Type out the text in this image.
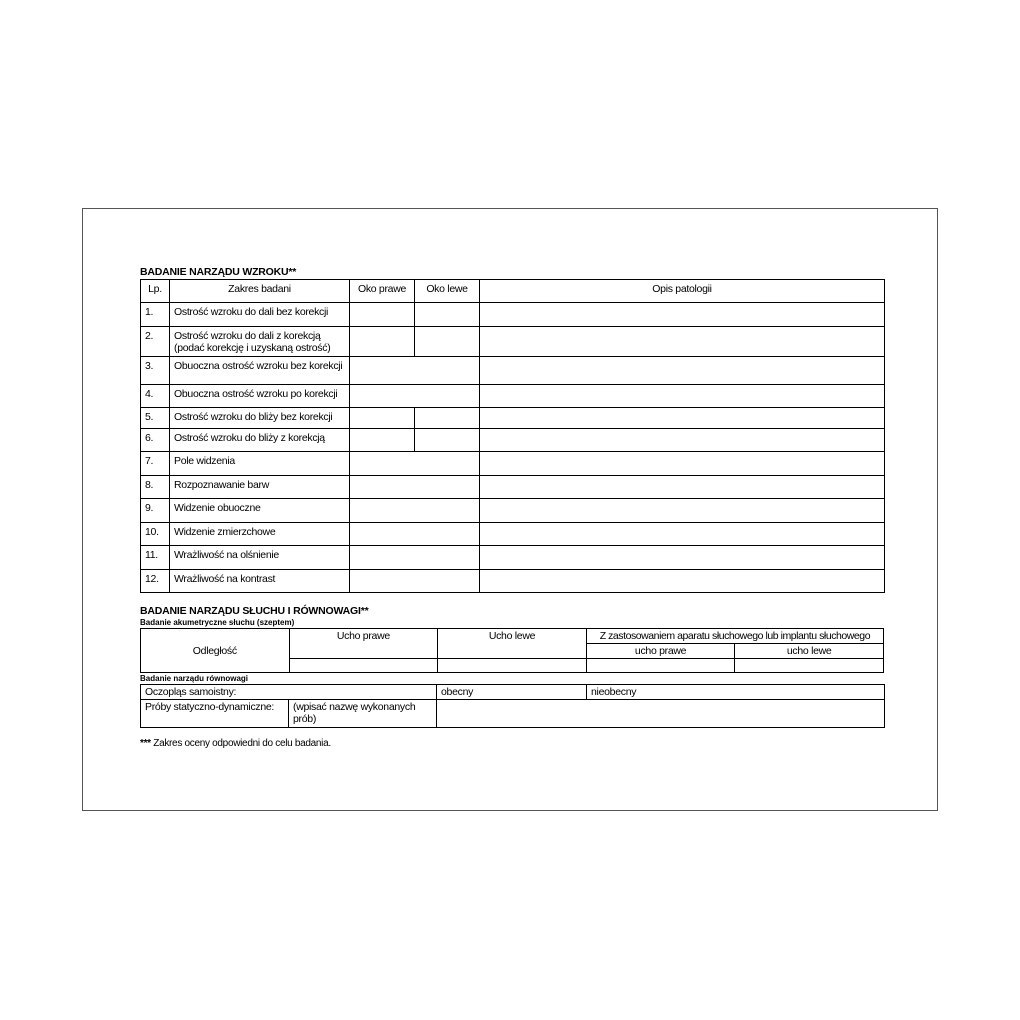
BADANIE NARZĄDU WZROKU**
Lp.	Zakres badani	Oko prawe	Oko lewe	Opis patologii
1.	Ostrość wzroku do dali bez korekcji			
2.	Ostrość wzroku do dali z korekcją (podać korekcję i uzyskaną ostrość)			
3.	Obuoczna ostrość wzroku bez korekcji			
4.	Obuoczna ostrość wzroku po korekcji			
5.	Ostrość wzroku do bliży bez korekcji			
6.	Ostrość wzroku do bliży z korekcją			
7.	Pole widzenia			
8.	Rozpoznawanie barw			
9.	Widzenie obuoczne			
10.	Widzenie zmierzchowe			
11.	Wrażliwość na olśnienie			
12.	Wrażliwość na kontrast			
BADANIE NARZĄDU SŁUCHU I RÓWNOWAGI**
Badanie akumetryczne słuchu (szeptem)
Odległość	Ucho prawe	Ucho lewe	Z zastosowaniem aparatu słuchowego lub implantu słuchowego	
			ucho prawe	ucho lewe

Badanie narządu równowagi
Oczopląs samoistny:		obecny	nieobecny
Próby statyczno-dynamiczne:	(wpisać nazwę wykonanych prób)		
*** Zakres oceny odpowiedni do celu badania.
